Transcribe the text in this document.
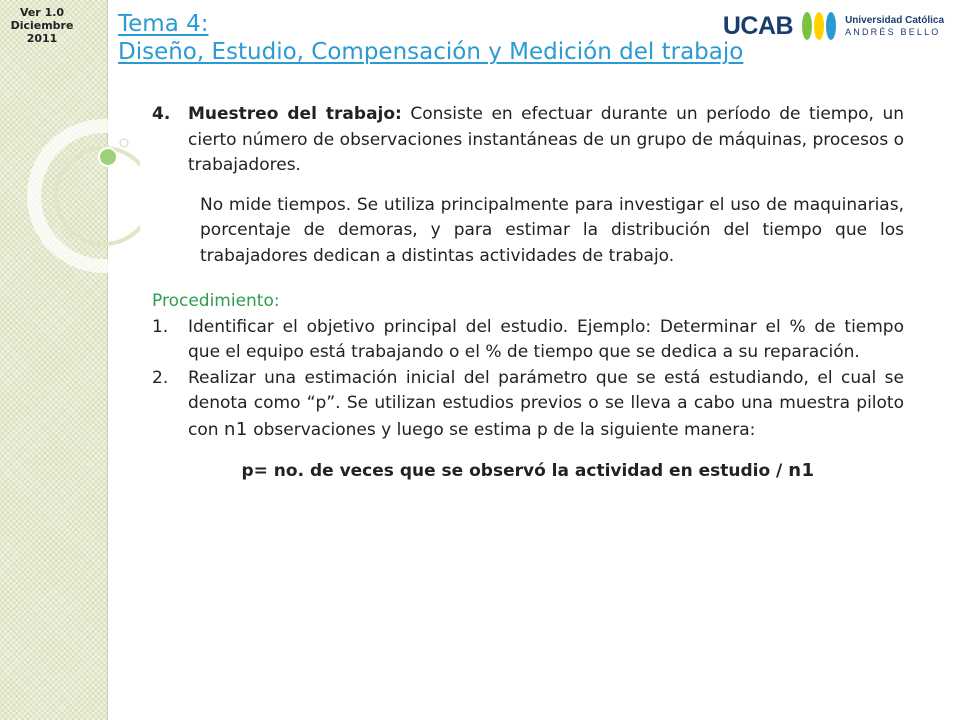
Ver 1.0
Diciembre
2011
Tema 4:
Diseño, Estudio, Compensación y Medición del trabajo
UCAB	Universidad Católica
ANDRÉS BELLO
4.	Muestreo del trabajo: Consiste en efectuar durante un período de tiempo, un cierto número de observaciones instantáneas de un grupo de máquinas, procesos o trabajadores.
No mide tiempos. Se utiliza principalmente para investigar el uso de maquinarias, porcentaje de demoras, y para estimar la distribución del tiempo que los trabajadores dedican a distintas actividades de trabajo.
Procedimiento:
1.	Identificar el objetivo principal del estudio. Ejemplo: Determinar el % de tiempo que el equipo está trabajando o el % de tiempo que se dedica a su reparación.
2.	Realizar una estimación inicial del parámetro que se está estudiando, el cual se denota como “p”. Se utilizan estudios previos o se lleva a cabo una muestra piloto con n1 observaciones y luego se estima p de la siguiente manera:
p= no. de veces que se observó la actividad en estudio / n1
